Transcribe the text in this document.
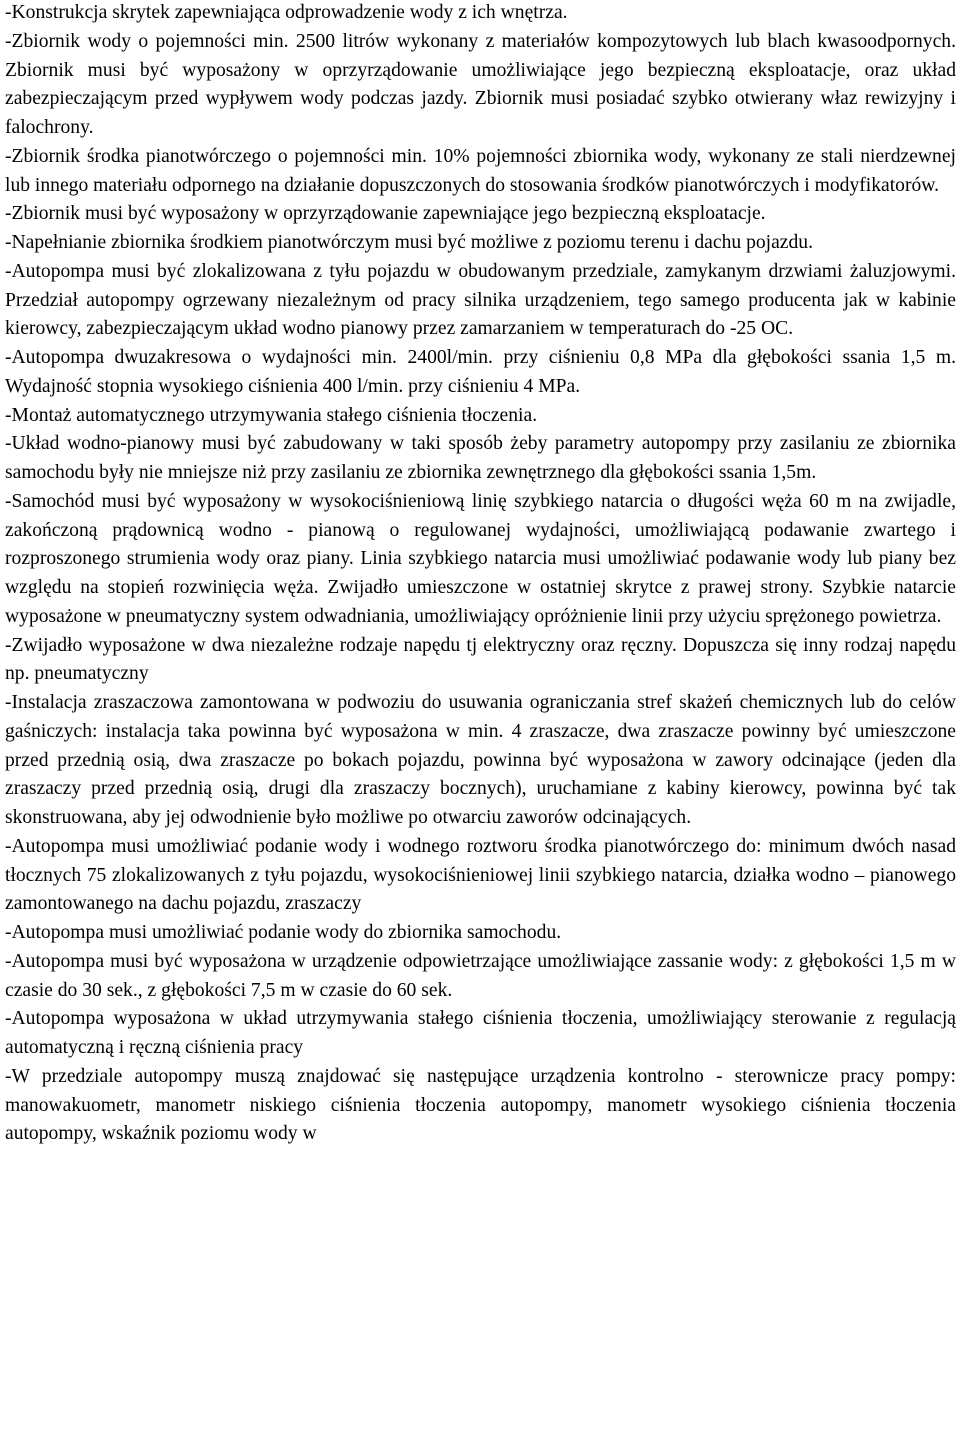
-Konstrukcja skrytek zapewniająca odprowadzenie wody z ich wnętrza.

-Zbiornik wody o pojemności min. 2500 litrów wykonany z materiałów kompozytowych lub blach kwasoodpornych. Zbiornik musi być wyposażony w oprzyrządowanie umożliwiające jego bezpieczną eksploatacje, oraz układ zabezpieczającym przed wypływem wody podczas jazdy. Zbiornik musi posiadać szybko otwierany właz rewizyjny i falochrony.

-Zbiornik środka pianotwórczego o pojemności min. 10% pojemności zbiornika wody, wykonany ze stali nierdzewnej lub innego materiału odpornego na działanie dopuszczonych do stosowania środków pianotwórczych i modyfikatorów.

-Zbiornik musi być wyposażony w oprzyrządowanie zapewniające jego bezpieczną eksploatacje.

-Napełnianie zbiornika środkiem pianotwórczym musi być możliwe z poziomu terenu i dachu pojazdu.

-Autopompa musi być zlokalizowana z tyłu pojazdu w obudowanym przedziale, zamykanym drzwiami żaluzjowymi. Przedział autopompy ogrzewany niezależnym od pracy silnika urządzeniem, tego samego producenta jak w kabinie kierowcy, zabezpieczającym układ wodno pianowy przez zamarzaniem w temperaturach do -25 OC.

-Autopompa dwuzakresowa o wydajności min. 2400l/min. przy ciśnieniu 0,8 MPa dla głębokości ssania 1,5 m. Wydajność stopnia wysokiego ciśnienia 400 l/min. przy ciśnieniu 4 MPa.

-Montaż automatycznego utrzymywania stałego ciśnienia tłoczenia.

-Układ wodno-pianowy musi być zabudowany w taki sposób żeby parametry autopompy przy zasilaniu ze zbiornika samochodu były nie mniejsze niż przy zasilaniu ze zbiornika zewnętrznego dla głębokości ssania 1,5m.

-Samochód musi być wyposażony w wysokociśnieniową linię szybkiego natarcia o długości węża 60 m na zwijadle, zakończoną prądownicą wodno - pianową o regulowanej wydajności, umożliwiającą podawanie zwartego i rozproszonego strumienia wody oraz piany. Linia szybkiego natarcia musi umożliwiać podawanie wody lub piany bez względu na stopień rozwinięcia węża. Zwijadło umieszczone w ostatniej skrytce z prawej strony. Szybkie natarcie wyposażone w pneumatyczny system odwadniania, umożliwiający opróżnienie linii przy użyciu sprężonego powietrza.

-Zwijadło wyposażone w dwa niezależne rodzaje napędu tj elektryczny oraz ręczny. Dopuszcza się inny rodzaj napędu np. pneumatyczny

-Instalacja zraszaczowa zamontowana w podwoziu do usuwania ograniczania stref skażeń chemicznych lub do celów gaśniczych: instalacja taka powinna być wyposażona w min. 4 zraszacze, dwa zraszacze powinny być umieszczone przed przednią osią, dwa zraszacze po bokach pojazdu, powinna być wyposażona w zawory odcinające (jeden dla zraszaczy przed przednią osią, drugi dla zraszaczy bocznych), uruchamiane z kabiny kierowcy, powinna być tak skonstruowana, aby jej odwodnienie było możliwe po otwarciu zaworów odcinających.

-Autopompa musi umożliwiać podanie wody i wodnego roztworu środka pianotwórczego do: minimum dwóch nasad tłocznych 75 zlokalizowanych z tyłu pojazdu, wysokociśnieniowej linii szybkiego natarcia, działka wodno – pianowego zamontowanego na dachu pojazdu, zraszaczy

-Autopompa musi umożliwiać podanie wody do zbiornika samochodu.

-Autopompa musi być wyposażona w urządzenie odpowietrzające umożliwiające zassanie wody: z głębokości 1,5 m w czasie do 30 sek., z głębokości 7,5 m w czasie do 60 sek.

-Autopompa wyposażona w układ utrzymywania stałego ciśnienia tłoczenia, umożliwiający sterowanie z regulacją automatyczną i ręczną ciśnienia pracy

-W przedziale autopompy muszą znajdować się następujące urządzenia kontrolno - sterownicze pracy pompy: manowakuometr, manometr niskiego ciśnienia tłoczenia autopompy, manometr wysokiego ciśnienia tłoczenia autopompy, wskaźnik poziomu wody w
